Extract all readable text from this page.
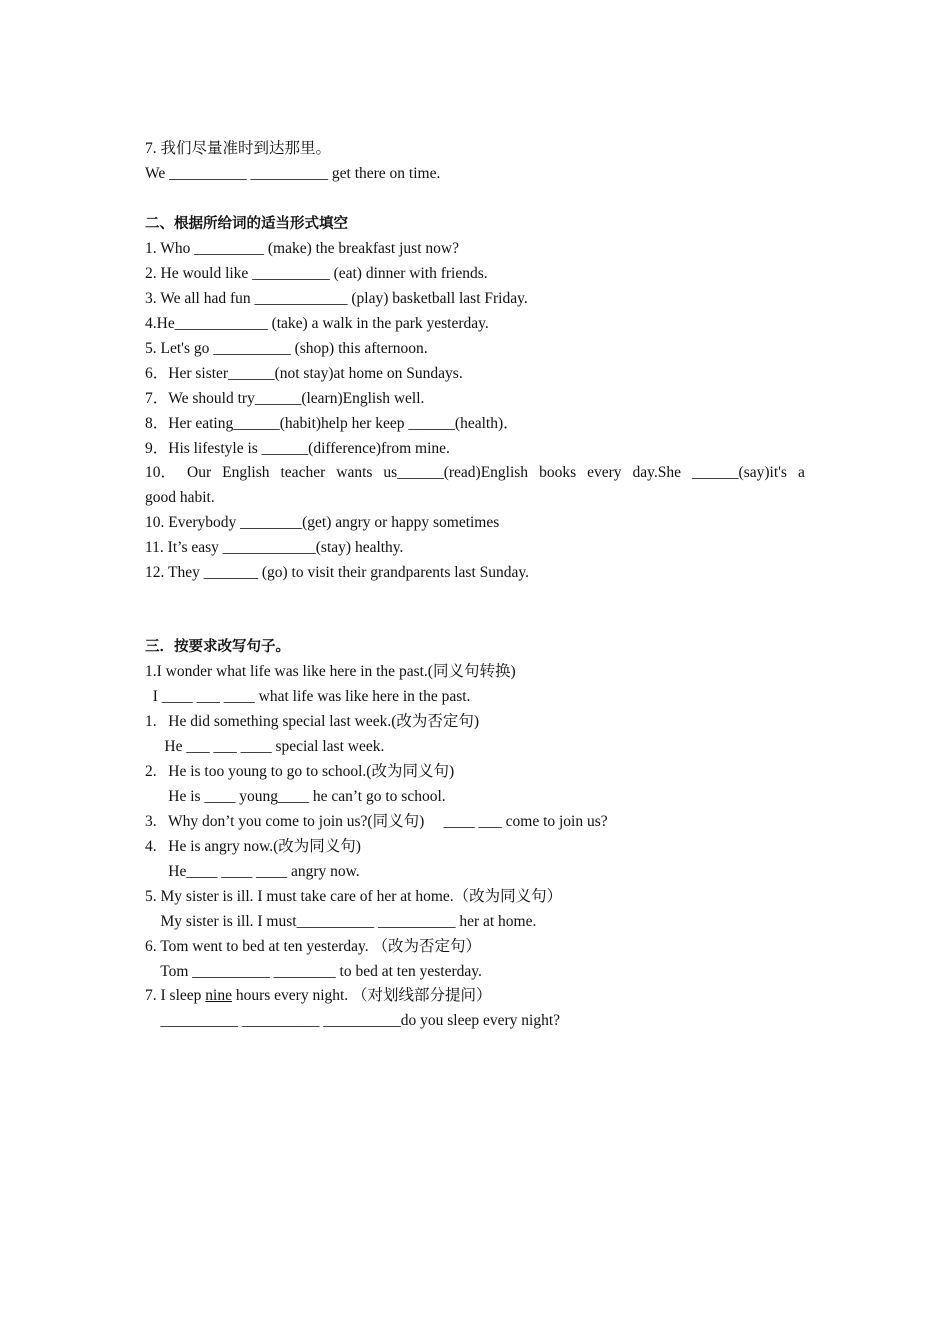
7. 我们尽量准时到达那里。
We __________ __________ get there on time.
二、根据所给词的适当形式填空
1. Who _________ (make) the breakfast just now?
2. He would like __________ (eat) dinner with friends.
3. We all had fun ____________ (play) basketball last Friday.
4.He____________ (take) a walk in the park yesterday.
5. Let's go __________ (shop) this afternoon.
6．Her sister______(not stay)at home on Sundays.
7．We should try______(learn)English well.
8．Her eating______(habit)help her keep ______(health)．
9．His lifestyle is ______(difference)from mine.
10． Our English teacher wants us______(read)English books every day.She ______(say)it's a
good habit.
10. Everybody ________(get) angry or happy sometimes
11. It’s easy ____________(stay) healthy.
12. They _______ (go) to visit their grandparents last Sunday.
三．按要求改写句子。
1.I wonder what life was like here in the past.(同义句转换)
I ____ ___ ____ what life was like here in the past.
1.   He did something special last week.(改为否定句)
He ___ ___ ____ special last week.
2.   He is too young to go to school.(改为同义句)
He is ____ young____ he can’t go to school.
3.   Why don’t you come to join us?(同义句)     ____ ___ come to join us?
4.   He is angry now.(改为同义句)
He____ ____ ____ angry now.
5. My sister is ill. I must take care of her at home.（改为同义句）
My sister is ill. I must__________ __________ her at home.
6. Tom went to bed at ten yesterday. （改为否定句）
Tom __________ ________ to bed at ten yesterday.
7. I sleep nine hours every night. （对划线部分提问）
__________ __________ __________do you sleep every night?
